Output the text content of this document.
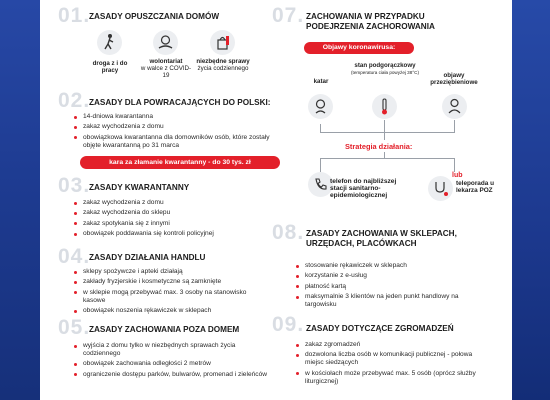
01.
ZASADY OPUSZCZANIA DOMÓW
droga z i do pracy
wolontariat
w walce z COVID-19
niezbędne sprawy
życia codziennego
02.
ZASADY DLA POWRACAJĄCYCH DO POLSKI:
14-dniowa kwarantanna
zakaz wychodzenia z domu
obowiązkowa kwarantanna dla domowników osób, które zostały objęte kwarantanną po 31 marca
kara za złamanie kwarantanny - do 30 tys. zł
03.
ZASADY KWARANTANNY
zakaz wychodzenia z domu
zakaz wychodzenia do sklepu
zakaz spotykania się z innymi
obowiązek poddawania się kontroli policyjnej
04.
ZASADY DZIAŁANIA HANDLU
sklepy spożywcze i apteki działają
zakłady fryzjerskie i kosmetyczne są zamknięte
w sklepie mogą przebywać max. 3 osoby na stanowisko kasowe
obowiązek noszenia rękawiczek w sklepach
05.
ZASADY ZACHOWANIA POZA DOMEM
wyjścia z domu tylko w niezbędnych sprawach życia codziennego
obowiązek zachowania odległości 2 metrów
ograniczenie dostępu parków, bulwarów, promenad i zieleńców
07. ZACHOWANIA W PRZYPADKU PODEJRZENIA ZACHOROWANIA
Objawy koronawirusa:
katar
stan podgorączkowy
(temperatura ciała powyżej 38°C)	objawy przeziębieniowe
Strategia działania:
telefon do najbliższej stacji sanitarno-epidemiologicznej
lub
teleporada u lekarza POZ
08. ZASADY ZACHOWANIA W SKLEPACH, URZĘDACH, PLACÓWKACH
stosowanie rękawiczek w sklepach
korzystanie z e-usług
płatność kartą
maksymalnie 3 klientów na jeden punkt handlowy na targowisku
09. ZASADY DOTYCZĄCE ZGROMADZEŃ
zakaz zgromadzeń
dozwolona liczba osób w komunikacji publicznej - połowa miejsc siedzących
w kościołach może przebywać max. 5 osób (oprócz służby liturgicznej)
